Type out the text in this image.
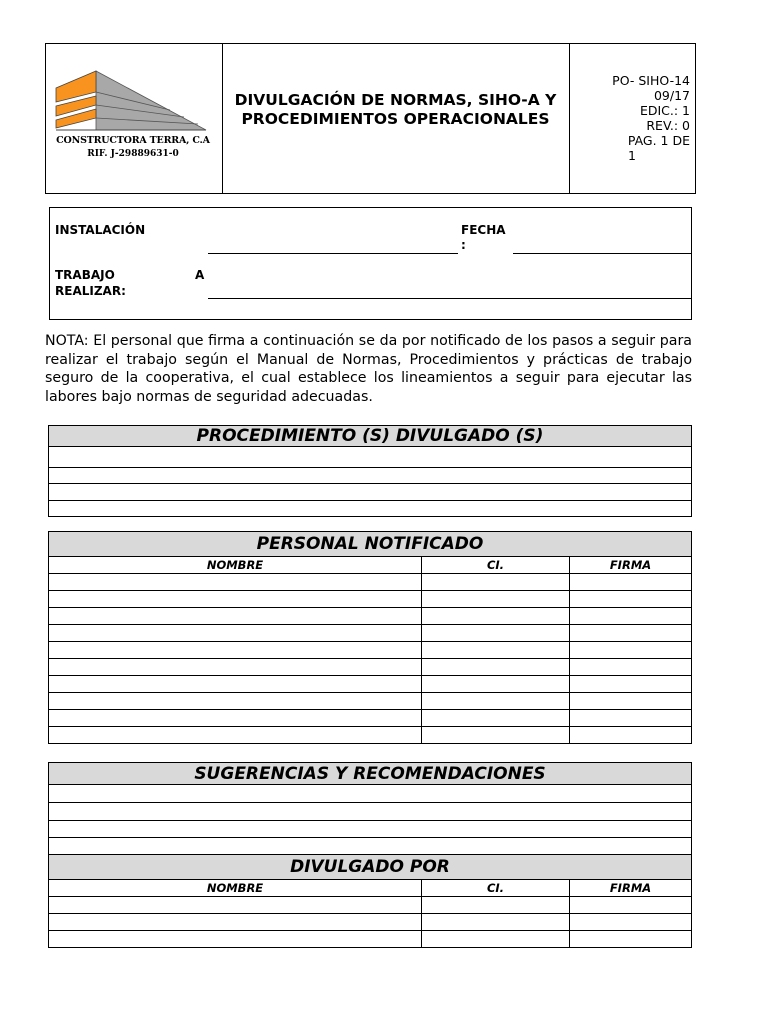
CONSTRUCTORA TERRA, C.A
RIF. J-29889631-0
DIVULGACIÓN DE NORMAS, SIHO-A Y PROCEDIMIENTOS OPERACIONALES
PO- SIHO-14
09/17
EDIC.: 1
REV.: 0
PAG. 1 DE
1
INSTALACIÓN	FECHA
:
TRABAJO	A
REALIZAR:
NOTA: El personal que firma a continuación se da por notificado de los pasos a seguir para realizar el trabajo según el Manual de Normas, Procedimientos y prácticas de trabajo seguro de la cooperativa, el cual establece los lineamientos a seguir para ejecutar las labores bajo normas de seguridad adecuadas.
PROCEDIMIENTO (S) DIVULGADO (S)

PERSONAL NOTIFICADO		
NOMBRE	CI.	FIRMA

SUGERENCIAS Y RECOMENDACIONES		

DIVULGADO POR		
NOMBRE	CI.	FIRMA
